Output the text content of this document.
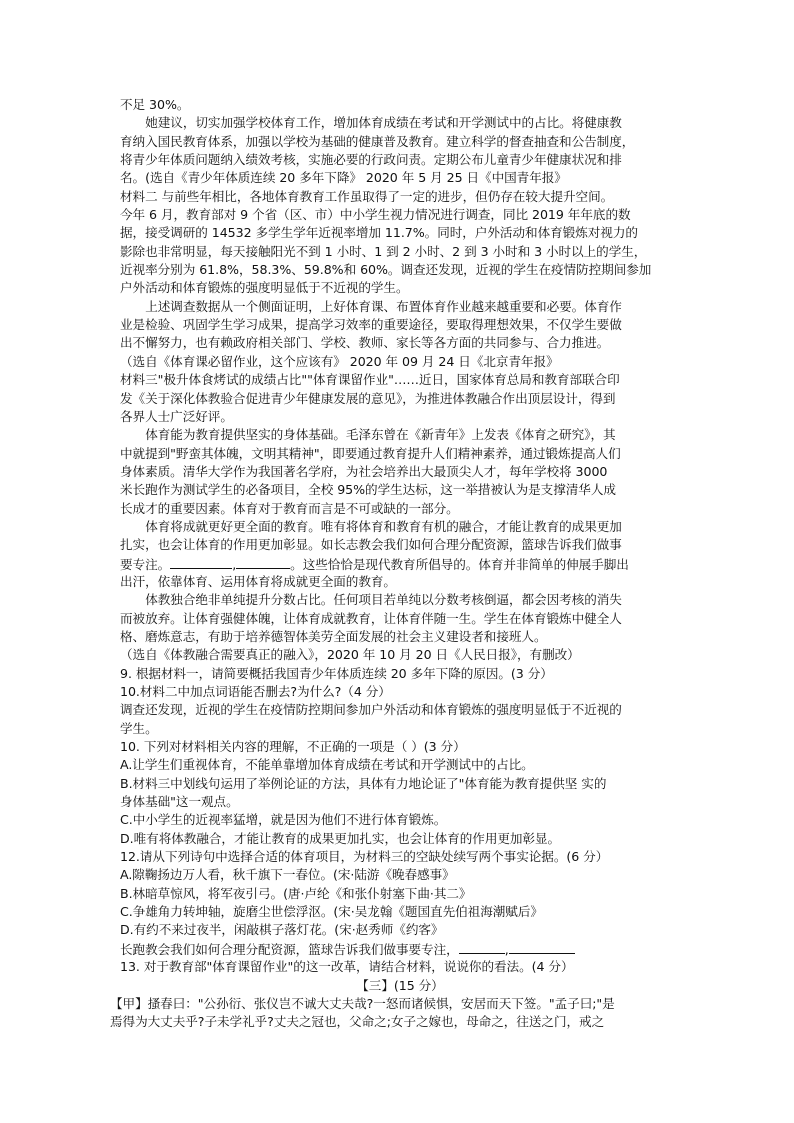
不足 30%。
她建议，切实加强学校体育工作，增加体育成绩在考试和开学测试中的占比。将健康教
育纳入国民教育体系，加强以学校为基础的健康普及教育。建立科学的督查抽查和公告制度，
将青少年体质问题纳入绩效考核，实施必要的行政问责。定期公布儿童青少年健康状况和排
名。(选自《青少年体质连续 20 多年下降》 2020 年 5 月 25 日《中国青年报》
材料二 与前些年相比，各地体育教育工作虽取得了一定的进步，但仍存在较大提升空间。
今年 6 月，教育部对 9 个省（区、市）中小学生视力情况进行调查，同比 2019 年年底的数
据，接受调研的 14532 多学生学年近视率增加 11.7%。同时，户外活动和体育锻炼对视力的
影除也非常明显，每天接触阳光不到 1 小时、1 到 2 小时、2 到 3 小时和 3 小时以上的学生，
近视率分别为 61.8%，58.3%、59.8%和 60%。调查还发现，近视的学生在疫情防控期间参加
户外活动和体育锻炼的强度明显低于不近视的学生。
上述调查数据从一个侧面证明，上好体育课、布置体育作业越来越重要和必要。体育作
业是检验、巩固学生学习成果，提高学习效率的重要途径，要取得理想效果，不仅学生要做
出不懈努力，也有赖政府相关部门、学校、教师、家长等各方面的共同参与、合力推进。
（选自《体育课必留作业，这个应该有》 2020 年 09 月 24 日《北京青年报》
材料三"极升体食烤试的成绩占比""体育课留作业"……近日，国家体育总局和教育部联合印
发《关于深化体教验合促进青少年健康发展的意见》，为推进体教融合作出顶层设计，得到
各界人士广泛好评。
体育能为教育提供坚实的身体基础。毛泽东曾在《新青年》上发表《体育之研究》，其
中就提到"野蛮其体魄，文明其精神"，即要通过教育提升人们精神素养，通过锻炼提高人们
身体素质。清华大学作为我国著名学府，为社会培养出大最顶尖人才，每年学校将 3000
米长跑作为测试学生的必备项目，全校 95%的学生达标，这一举措被认为是支撑清华人成
长成才的重要因素。体育对于教育而言是不可或缺的一部分。
体育将成就更好更全面的教育。唯有将体育和教育有机的融合，才能让教育的成果更加
扎实，也会让体育的作用更加彰显。如长志教会我们如何合理分配资源，篮球告诉我们做事
要专注。	,	。这些恰恰是现代教育所倡导的。体育并非简单的伸展手脚出
出汗，依靠体育、运用体育将成就更全面的教育。
体教独合绝非单纯提升分数占比。任何项目若单纯以分数考核倒逼，都会因考核的消失
而被放弃。让体育强健体魄，让体育成就教育，让体育伴随一生。学生在体育锻炼中健全人
格、磨炼意志，有助于培养德智体美劳全面发展的社会主义建设者和接班人。
（选自《体教融合需要真正的融入》，2020 年 10 月 20 日《人民日报》，有删改）
9. 根据材料一，请简要概括我国青少年体质连续 20 多年下降的原因。(3 分）
10.材料二中加点词语能否删去?为什么?（4 分）
调查还发现，近视的学生在疫情防控期间参加户外活动和体育锻炼的强度明显低于不近视的
学生。
10. 下列对材料相关内容的理解，不正确的一项是（ ）(3 分）
A.让学生们重视体育，不能单靠增加体育成绩在考试和开学测试中的占比。
B.材料三中划线句运用了举例论证的方法，具体有力地论证了"体育能为教育提供坚 实的
身体基础"这一观点。
C.中小学生的近视率猛增，就是因为他们不进行体育锻炼。
D.唯有将体教融合，才能让教育的成果更加扎实，也会让体育的作用更加彰显。
12.请从下列诗句中选择合适的体育项目，为材料三的空缺处续写两个事实论据。(6 分）
A.隙鞠扬边万人看，秋千旗下一春位。(宋·陆游《晚春感事》
B.林暗草惊风，将军夜引弓。(唐·卢纶《和张仆射塞下曲·其二》
C.争雄角力转坤轴，旋磨尘世偿浮沤。(宋·吴龙翰《题国直先伯祖海潮赋后》
D.有约不来过夜半，闲敲棋子落灯花。(宋·赵秀师《约客》
长跑教会我们如何合理分配资源，篮球告诉我们做事要专注，	,
13. 对于教育部"体育课留作业"的这一改革，请结合材料，说说你的看法。(4 分）
【三】(15 分）
【甲】搔春曰："公孙衍、张仪岂不诚大丈夫哉?一怒而诸候惧，安居而天下签。"孟子曰;"是
焉得为大丈夫乎?子未学礼乎?丈夫之冠也，父命之;女子之嫁也，母命之，往送之门，戒之
